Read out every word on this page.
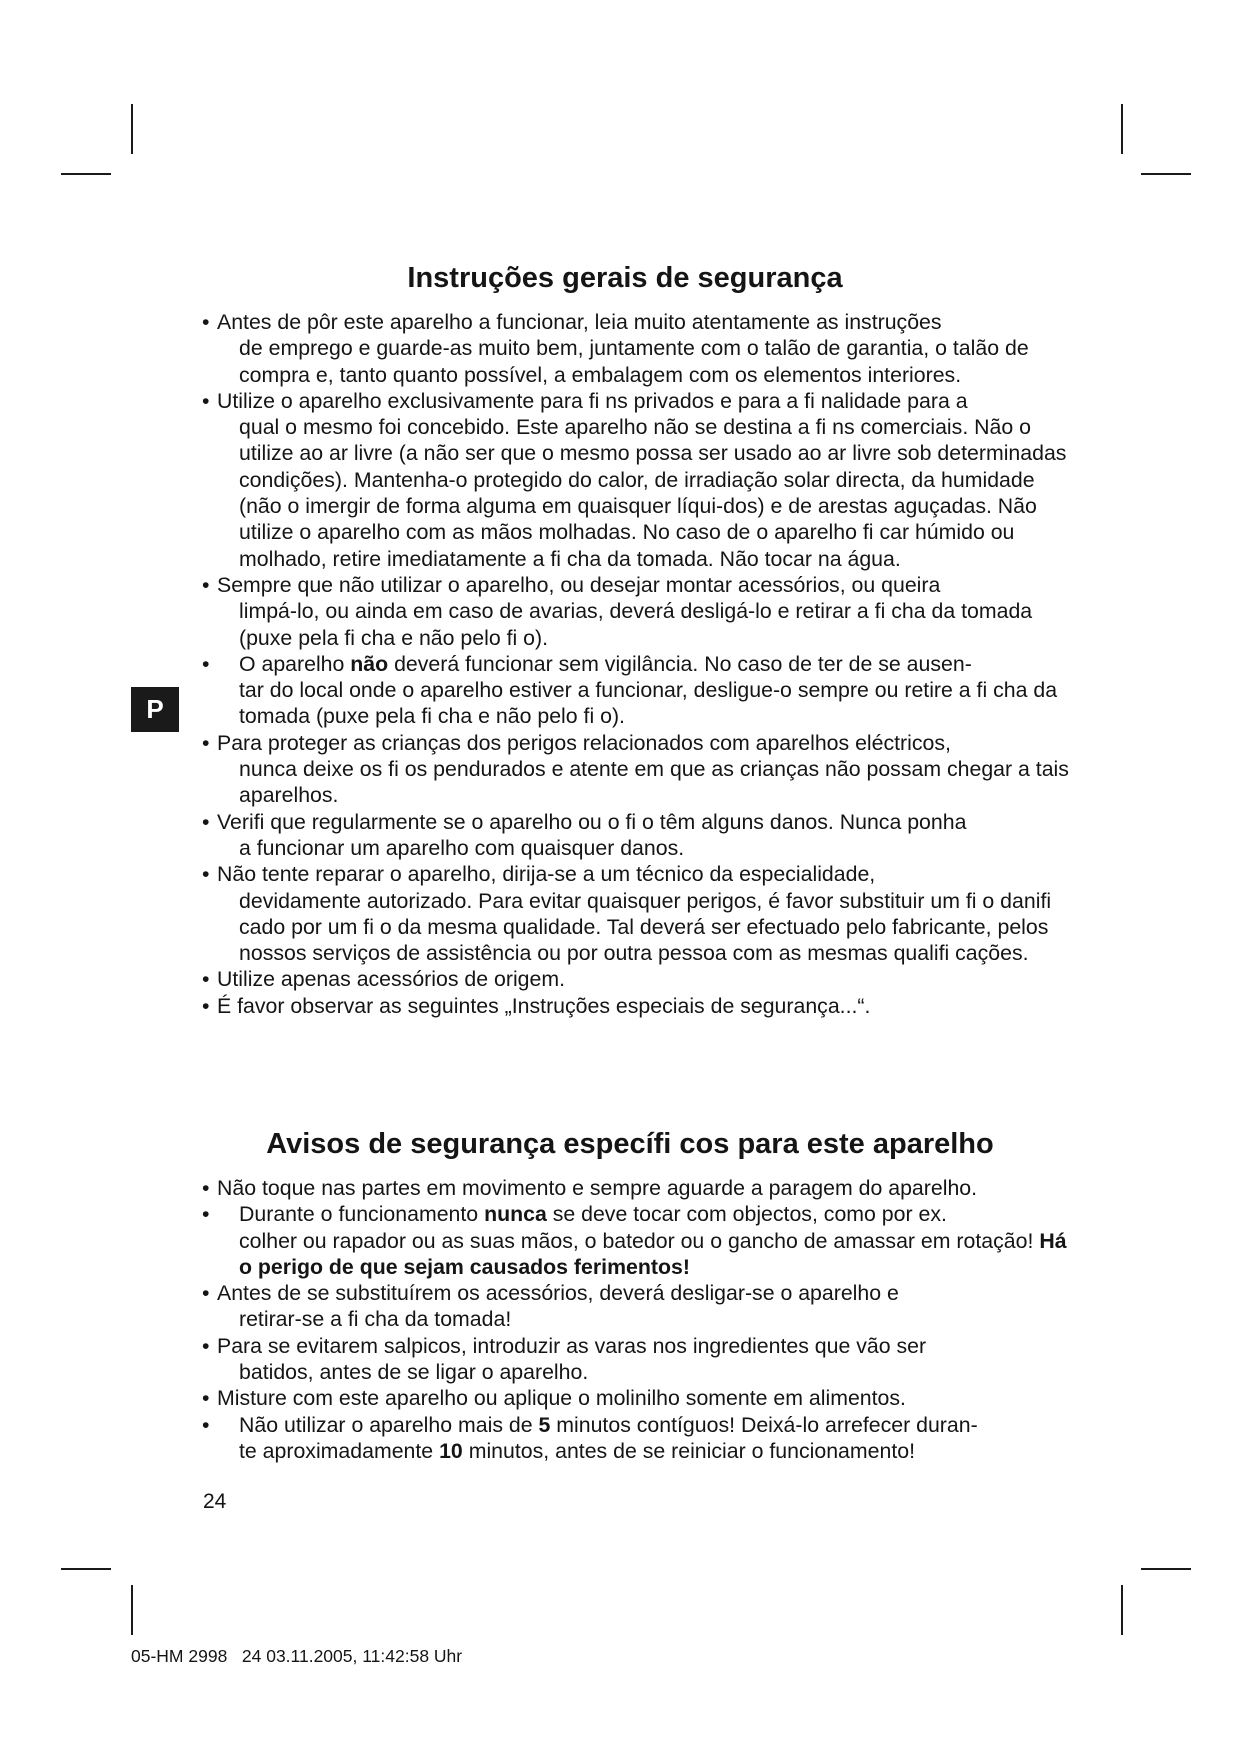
P
Instruções gerais de segurança
• Antes de pôr este aparelho a funcionar, leia muito atentamente as instruções
de emprego e guarde-as muito bem, juntamente com o talão de garantia, o talão de compra e, tanto quanto possível, a embalagem com os elementos interiores.
• Utilize o aparelho exclusivamente para fi ns privados e para a fi nalidade para a
qual o mesmo foi concebido. Este aparelho não se destina a fi ns comerciais. Não o utilize ao ar livre (a não ser que o mesmo possa ser usado ao ar livre sob determinadas condições). Mantenha-o protegido do calor, de irradiação solar directa, da humidade (não o imergir de forma alguma em quaisquer líqui-dos) e de arestas aguçadas. Não utilize o aparelho com as mãos molhadas. No caso de o aparelho fi car húmido ou molhado, retire imediatamente a fi cha da tomada. Não tocar na água.
• Sempre que não utilizar o aparelho, ou desejar montar acessórios, ou queira
limpá-lo, ou ainda em caso de avarias, deverá desligá-lo e retirar a fi cha da tomada (puxe pela fi cha e não pelo fi o).
• O aparelho não deverá funcionar sem vigilância. No caso de ter de se ausen-
tar do local onde o aparelho estiver a funcionar, desligue-o sempre ou retire a fi cha da tomada (puxe pela fi cha e não pelo fi o).
• Para proteger as crianças dos perigos relacionados com aparelhos eléctricos,
nunca deixe os fi os pendurados e atente em que as crianças não possam chegar a tais aparelhos.
• Verifi que regularmente se o aparelho ou o fi o têm alguns danos. Nunca ponha
a funcionar um aparelho com quaisquer danos.
• Não tente reparar o aparelho, dirija-se a um técnico da especialidade,
devidamente autorizado. Para evitar quaisquer perigos, é favor substituir um fi o danifi cado por um fi o da mesma qualidade. Tal deverá ser efectuado pelo fabricante, pelos nossos serviços de assistência ou por outra pessoa com as mesmas qualifi cações.
• Utilize apenas acessórios de origem.
• É favor observar as seguintes „Instruções especiais de segurança...“.
Avisos de segurança específi cos para este aparelho
• Não toque nas partes em movimento e sempre aguarde a paragem do aparelho.
• Durante o funcionamento nunca se deve tocar com objectos, como por ex.
colher ou rapador ou as suas mãos, o batedor ou o gancho de amassar em rotação! Há o perigo de que sejam causados ferimentos!
• Antes de se substituírem os acessórios, deverá desligar-se o aparelho e
retirar-se a fi cha da tomada!
• Para se evitarem salpicos, introduzir as varas nos ingredientes que vão ser
batidos, antes de se ligar o aparelho.
• Misture com este aparelho ou aplique o molinilho somente em alimentos.
• Não utilizar o aparelho mais de 5 minutos contíguos! Deixá-lo arrefecer duran-
te aproximadamente 10 minutos, antes de se reiniciar o funcionamento!
24
05-HM 2998   24 03.11.2005, 11:42:58 Uhr
